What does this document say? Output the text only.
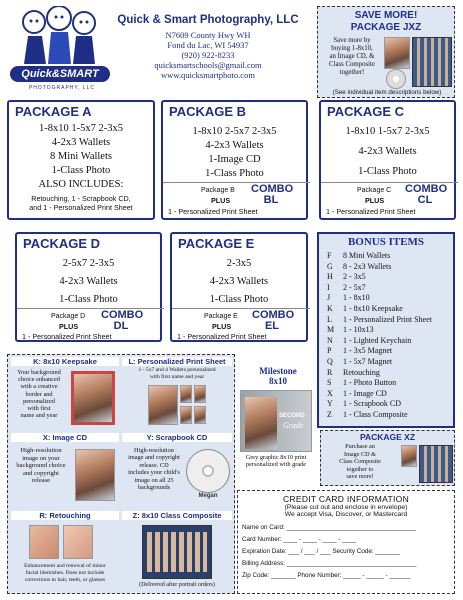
Quick&SMART
PHOTOGRAPHY, LLC
Quick & Smart Photography, LLC
N7609 County Hwy WH
Fond du Lac, WI 54937
(920) 922-8233
quicksmartschools@gmail.com
www.quicksmartphoto.com
SAVE MORE!
PACKAGE JXZ
Save more by
buying 1-8x10,
an Image CD, &
Class Composite
together!
(See individual item descriptions below)
PACKAGE A
1-8x10 1-5x7 2-3x5
4-2x3 Wallets
8 Mini Wallets
1-Class Photo
ALSO INCLUDES:
Retouching, 1 - Scrapbook CD,
and 1 - Personalized Print Sheet
PACKAGE B
1-8x10 2-5x7 2-3x5
4-2x3 Wallets
1-Image CD
1-Class Photo
Package B
PLUS
COMBO
BL
1 - Personalized Print Sheet
PACKAGE C
1-8x10 1-5x7 2-3x5
4-2x3 Wallets
1-Class Photo
Package C
PLUS
COMBO
CL
1 - Personalized Print Sheet
PACKAGE D
2-5x7 2-3x5
4-2x3 Wallets
1-Class Photo
Package D
PLUS
COMBO
DL
1 - Personalized Print Sheet
PACKAGE E
2-3x5
4-2x3 Wallets
1-Class Photo
Package E
PLUS
COMBO
EL
1 - Personalized Print Sheet
BONUS ITEMS
F 8 Mini Wallets
G 8 - 2x3 Wallets
H 2 - 3x5
I 2 - 5x7
J 1 - 8x10
K 1 - 8x10 Keepsake
L 1 - Personalized Print Sheet
M 1 - 10x13
N 1 - Lighted Keychain
P 1 - 3x5 Magnet
Q 1 - 5x7 Magnet
R Retouching
S 1 - Photo Button
X 1 - Image CD
Y 1 - Scrapbook CD
Z 1 - Class Composite
K: 8x10 Keepsake
Your background
choice enhanced
with a creative
border and
personalized
with first
name and year
L: Personalized Print Sheet
1 - 5x7 and 4 Wallets personalized
with first name and year
X: Image CD
High-resolution
image on your
background choice
and copyright
release
Y: Scrapbook CD
High-resolution
image and copyright
release. CD
includes your child's
image on all 25
backgrounds
Megan
R: Retouching
Enhancement and removal of minor
facial blemishes. Does not include
corrections to hair, teeth, or glasses
Z: 8x10 Class Composite
(Delivered after portrait orders)
Milestone
8x10
SECOND
Grade
Grey graphic 8x10 print
personalized with grade
PACKAGE XZ
Purchase an
Image CD &
Class Composite
together to
save more!
CREDIT CARD INFORMATION
(Please cut out and enclose in envelope)
We accept Visa, Discover, or Mastercard
Name on Card: _____________________________________
Card Number: ____ - ____ - ____ - ____
Expiration Date: ___ / ___ / ___ Security Code: _______
Billing Address: _____________________________________
Zip Code: _______ Phone Number: _____ - _____ - ______
